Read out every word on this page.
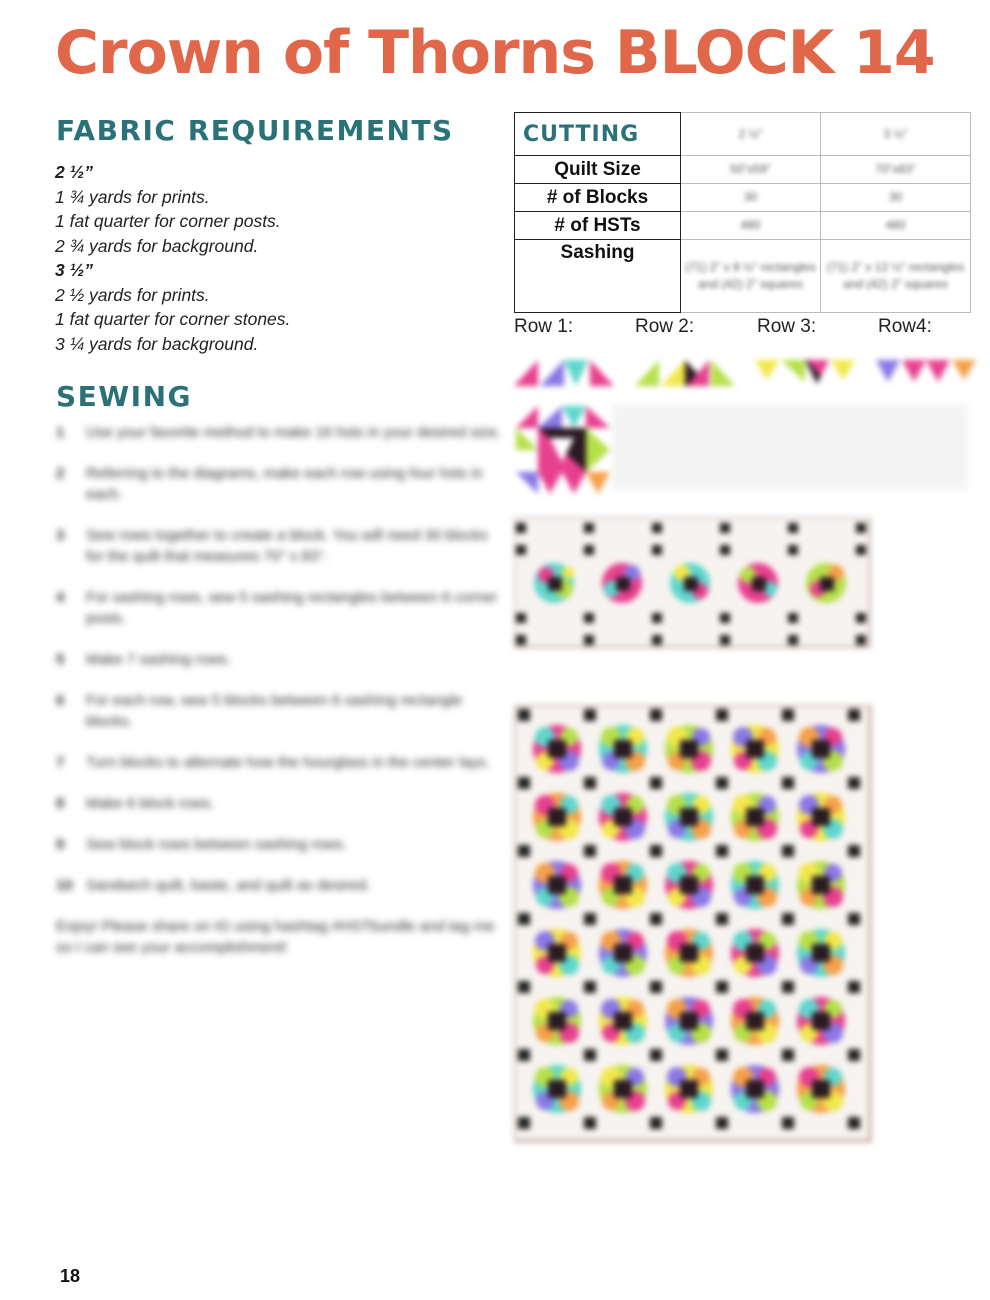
Crown of Thorns BLOCK 14
FABRIC REQUIREMENTS
2 ½”
1 ¾ yards for prints.
1 fat quarter for corner posts.
2 ¾ yards for background.
3 ½”
2 ½ yards for prints.
1 fat quarter for corner stones.
3 ¼ yards for background.
SEWING
1	Use your favorite method to make 16 hsts in your desired size.
2	Referring to the diagrams, make each row using four hsts in each.
3	Sew rows together to create a block. You will need 30 blocks for the quilt that measures 70" x 83".
4	For sashing rows, sew 5 sashing rectangles between 6 corner posts.
5	Make 7 sashing rows.
6	For each row, sew 5 blocks between 6 sashing rectangle blocks.
7	Turn blocks to alternate how the hourglass in the center lays.
8	Make 6 block rows.
9	Sew block rows between sashing rows.
10 Sandwich quilt, baste, and quilt as desired.
Enjoy! Please share on IG using hashtag #HSTbundle and tag me so I can see your accomplishment!
CUTTING	2 ½”	3 ½”

Quilt Size	50”x59”	70”x83”

# of Blocks	30	30

# of HSTs	480	480

Sashing	(71) 2” x 8 ½” rectangles and (42) 2” squares	(71) 2” x 12 ½” rectangles and (42) 2” squares
Row 1:	Row 2:	Row 3:	Row4:
18
